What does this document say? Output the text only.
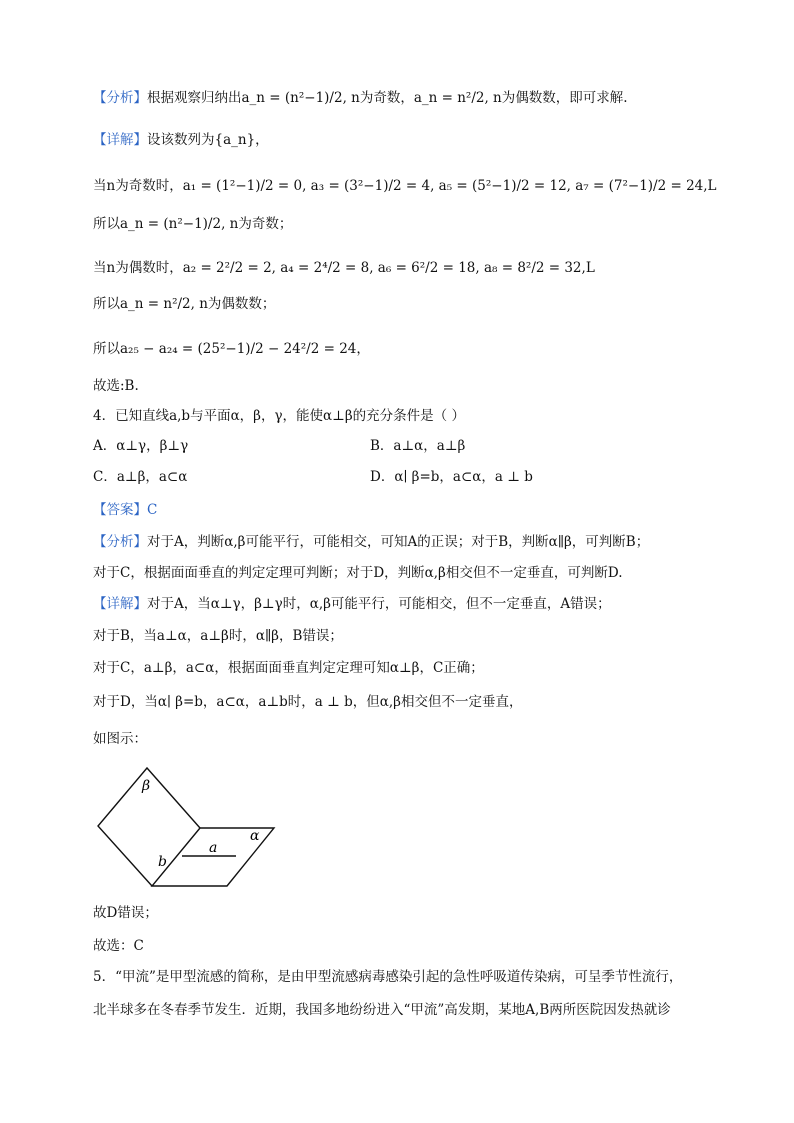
【分析】根据观察归纳出a_n = (n²−1)/2, n为奇数，a_n = n²/2, n为偶数数，即可求解.
【详解】设该数列为{a_n}，
当n为奇数时，a₁ = (1²−1)/2 = 0, a₃ = (3²−1)/2 = 4, a₅ = (5²−1)/2 = 12, a₇ = (7²−1)/2 = 24,L
所以a_n = (n²−1)/2, n为奇数；
当n为偶数时，a₂ = 2²/2 = 2, a₄ = 2⁴/2 = 8, a₆ = 6²/2 = 18, a₈ = 8²/2 = 32,L
所以a_n = n²/2, n为偶数数；
所以a₂₅ − a₂₄ = (25²−1)/2 − 24²/2 = 24，
故选:B.
4．已知直线a,b与平面α，β，γ，能使α⊥β的充分条件是（ ）
A．α⊥γ，β⊥γ	B．a⊥α，a⊥β
C．a⊥β，a⊂α	D．α∣ β=b，a⊂α，a ⊥ b
【答案】C
【分析】对于A，判断α,β可能平行，可能相交，可知A的正误；对于B，判断α∥β，可判断B；
对于C，根据面面垂直的判定定理可判断；对于D，判断α,β相交但不一定垂直，可判断D.
【详解】对于A，当α⊥γ，β⊥γ时，α,β可能平行，可能相交，但不一定垂直，A错误；
对于B，当a⊥α，a⊥β时，α∥β，B错误；
对于C，a⊥β，a⊂α，根据面面垂直判定定理可知α⊥β，C正确；
对于D，当α∣ β=b，a⊂α，a⊥b时，a ⊥ b，但α,β相交但不一定垂直，
如图示：
β
α
a
b
故D错误；
故选：C
5．“甲流”是甲型流感的简称，是由甲型流感病毒感染引起的急性呼吸道传染病，可呈季节性流行，
北半球多在冬春季节发生．近期，我国多地纷纷进入“甲流”高发期，某地A,B两所医院因发热就诊
